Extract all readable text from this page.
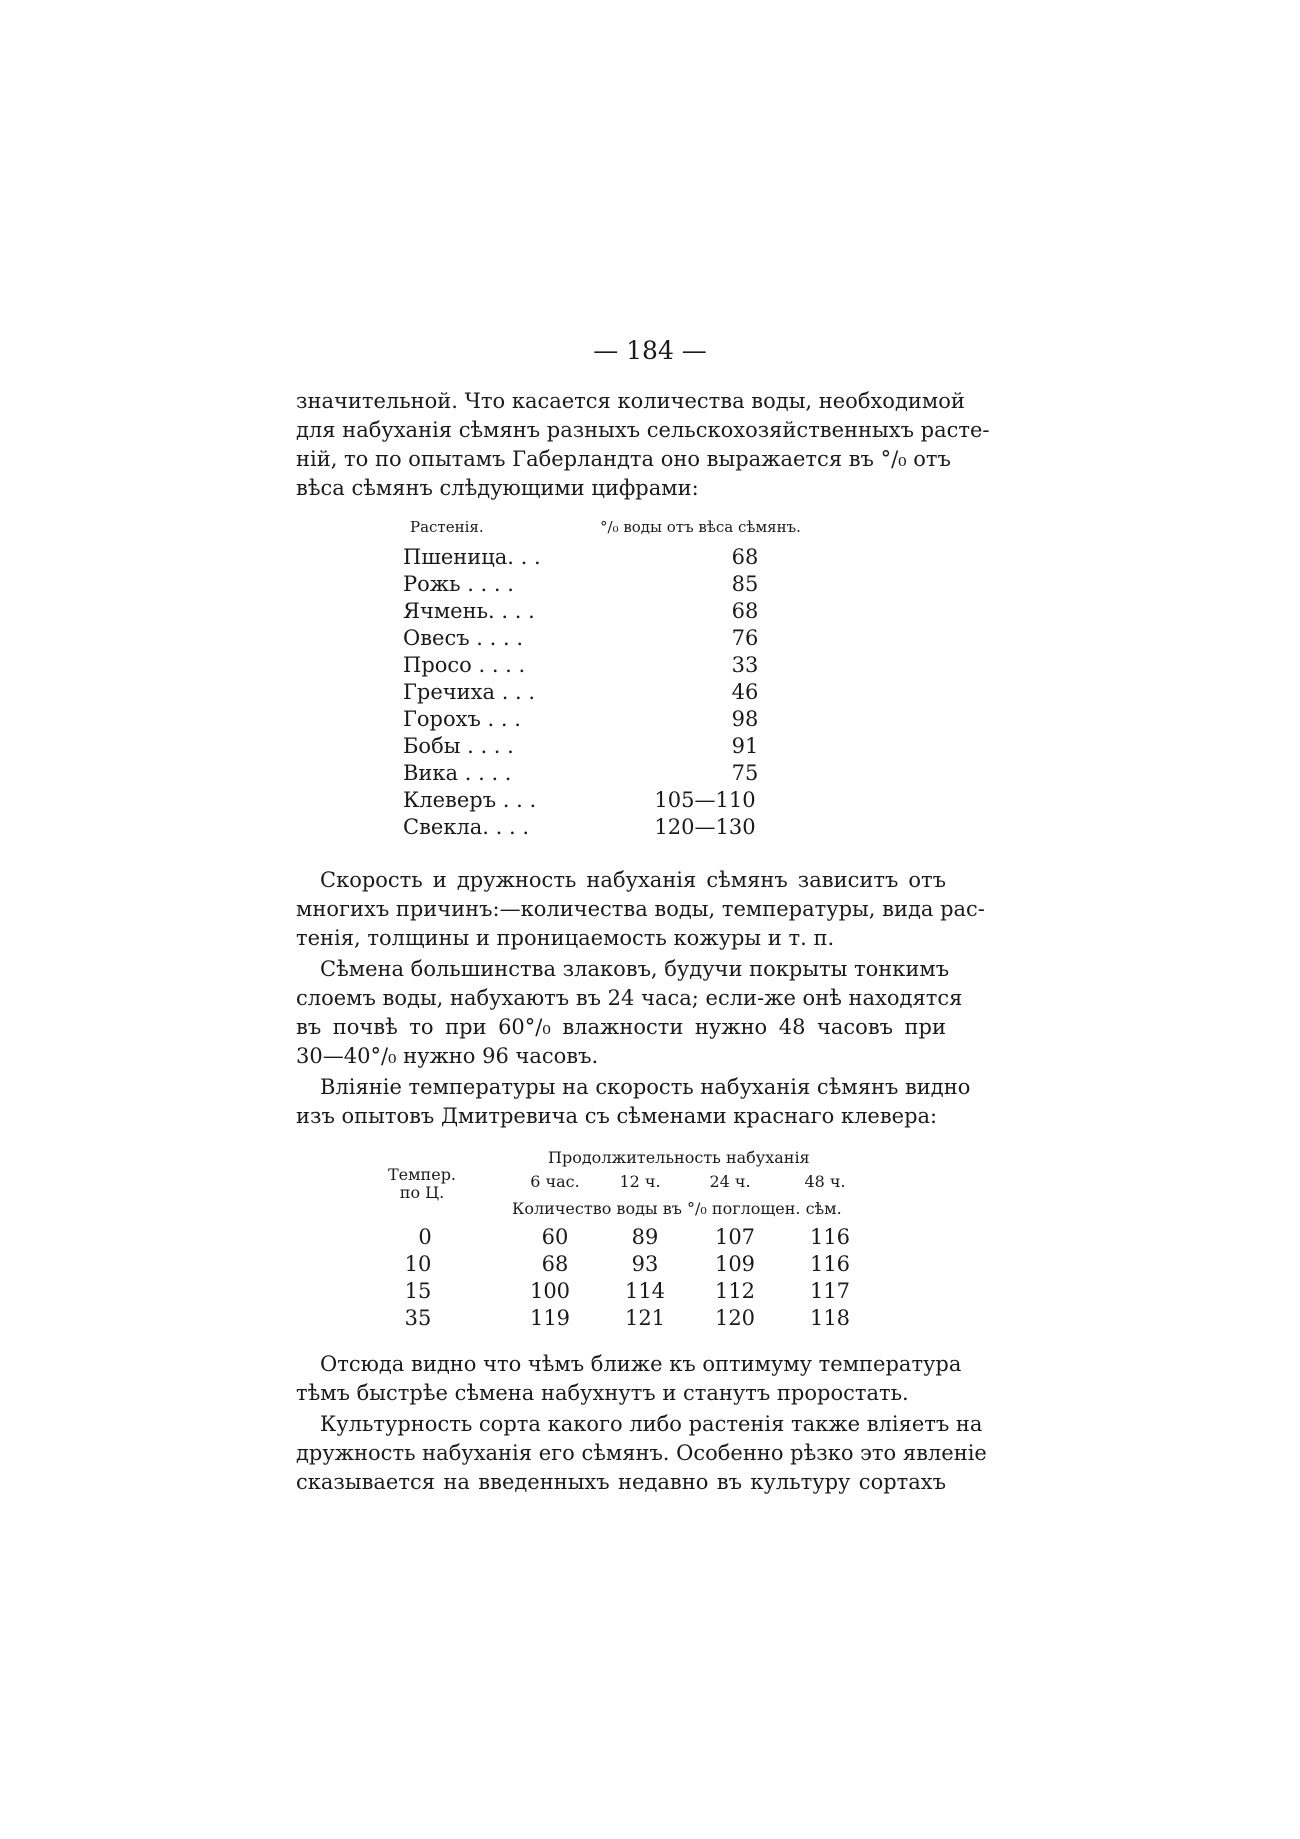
— 184 —
значительной. Что касается количества воды, необходимой
для набуханія сѣмянъ разныхъ сельскохозяйственныхъ расте-
ній, то по опытамъ Габерландта оно выражается въ °/₀ отъ
вѣса сѣмянъ слѣдующими цифрами:
Растенія.	°/₀ воды отъ вѣса сѣмянъ.
Пшеница. . .	68
Рожь . . . .	85
Ячмень. . . .	68
Овесъ . . . .	76
Просо . . . .	33
Гречиха . . .	46
Горохъ . . .	98
Бобы . . . .	91
Вика . . . .	75
Клеверъ . . .	105—110
Свекла. . . .	120—130
Скорость и дружность набуханія сѣмянъ зависитъ отъ
многихъ причинъ:—количества воды, температуры, вида рас-
тенія, толщины и проницаемость кожуры и т. п.
Сѣмена большинства злаковъ, будучи покрыты тонкимъ
слоемъ воды, набухаютъ въ 24 часа; если-же онѣ находятся
въ почвѣ то при 60°/₀ влажности нужно 48 часовъ при
30—40°/₀ нужно 96 часовъ.
Вліяніе температуры на скорость набуханія сѣмянъ видно
изъ опытовъ Дмитревича съ сѣменами краснаго клевера:
Продолжительность набуханія
Темпер.
по Ц.
6 час.	12 ч.	24 ч.	48 ч.
Количество воды въ °/₀ поглощен. сѣм.
0	60	89	107	116
10	68	93	109	116
15	100	114	112	117
35	119	121	120	118
Отсюда видно что чѣмъ ближе къ оптимуму температура
тѣмъ быстрѣе сѣмена набухнутъ и станутъ проростать.
Культурность сорта какого либо растенія также вліяетъ на
дружность набуханія его сѣмянъ. Особенно рѣзко это явленіе
сказывается на введенныхъ недавно въ культуру сортахъ
